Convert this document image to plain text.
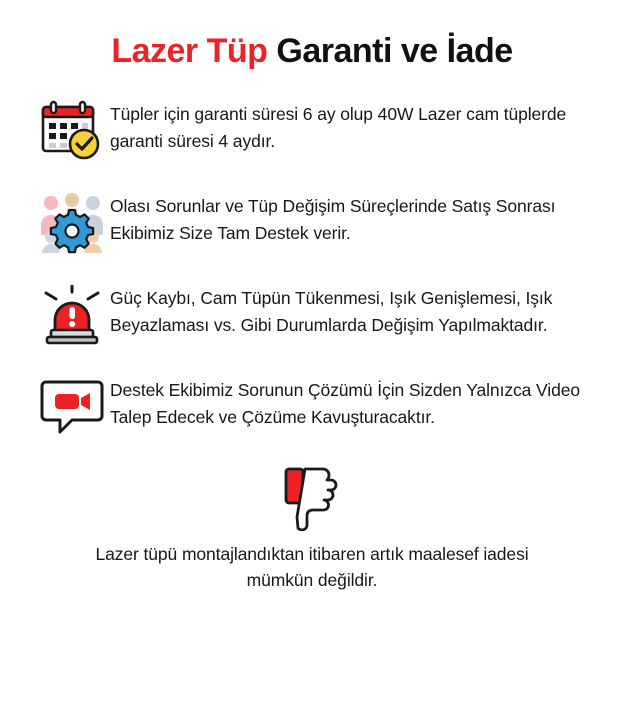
Lazer Tüp Garanti ve İade
Tüpler için garanti süresi 6 ay olup 40W Lazer cam tüplerde garanti süresi 4 aydır.
Olası Sorunlar ve Tüp Değişim Süreçlerinde Satış Sonrası Ekibimiz Size Tam Destek verir.
Güç Kaybı, Cam Tüpün Tükenmesi, Işık Genişlemesi, Işık Beyazlaması vs. Gibi Durumlarda Değişim Yapılmaktadır.
Destek Ekibimiz Sorunun Çözümü İçin Sizden Yalnızca Video Talep Edecek ve Çözüme Kavuşturacaktır.
Lazer tüpü montajlandıktan itibaren artık maalesef iadesi mümkün değildir.
